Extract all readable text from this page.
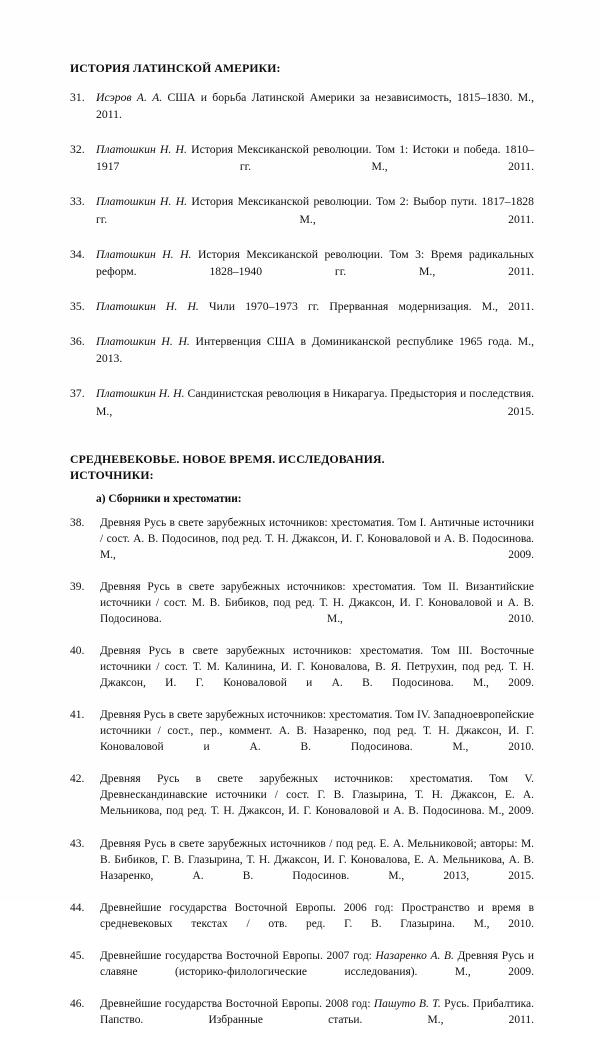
ИСТОРИЯ ЛАТИНСКОЙ АМЕРИКИ:
31. Исэров А. А. США и борьба Латинской Америки за независимость, 1815–1830. М., 2011.
32. Платошкин Н. Н. История Мексиканской революции. Том 1: Истоки и победа. 1810–1917 гг. М., 2011.
33. Платошкин Н. Н. История Мексиканской революции. Том 2: Выбор пути. 1817–1828 гг. М., 2011.
34. Платошкин Н. Н. История Мексиканской революции. Том 3: Время радикальных реформ. 1828–1940 гг. М., 2011.
35. Платошкин Н. Н. Чили 1970–1973 гг. Прерванная модернизация. М., 2011.
36. Платошкин Н. Н. Интервенция США в Доминиканской республике 1965 года. М., 2013.
37. Платошкин Н. Н. Сандинистская революция в Никарагуа. Предыстория и последствия. М., 2015.
СРЕДНЕВЕКОВЬЕ. НОВОЕ ВРЕМЯ. ИССЛЕДОВАНИЯ.
ИСТОЧНИКИ:
а) Сборники и хрестоматии:
38.	Древняя Русь в свете зарубежных источников: хрестоматия. Том I. Античные источники / сост. А. В. Подосинов, под ред. Т. Н. Джаксон, И. Г. Коноваловой и А. В. Подосинова. М., 2009.
39.	Древняя Русь в свете зарубежных источников: хрестоматия. Том II. Византийские источники / сост. М. В. Бибиков, под ред. Т. Н. Джаксон, И. Г. Коноваловой и А. В. Подосинова. М., 2010.
40.	Древняя Русь в свете зарубежных источников: хрестоматия. Том III. Восточные источники / сост. Т. М. Калинина, И. Г. Коновалова, В. Я. Петрухин, под ред. Т. Н. Джаксон, И. Г. Коноваловой и А. В. Подосинова. М., 2009.
41.	Древняя Русь в свете зарубежных источников: хрестоматия. Том IV. Западноевропейские источники / сост., пер., коммент. А. В. Назаренко, под ред. Т. Н. Джаксон, И. Г. Коноваловой и А. В. Подосинова. М., 2010.
42.	Древняя Русь в свете зарубежных источников: хрестоматия. Том V. Древнескандинавские источники / сост. Г. В. Глазырина, Т. Н. Джаксон, Е. А. Мельникова, под ред. Т. Н. Джаксон, И. Г. Коноваловой и А. В. Подосинова. М., 2009.
43.	Древняя Русь в свете зарубежных источников / под ред. Е. А. Мельниковой; авторы: М. В. Бибиков, Г. В. Глазырина, Т. Н. Джаксон, И. Г. Коновалова, Е. А. Мельникова, А. В. Назаренко, А. В. Подосинов. М., 2013, 2015.
44.	Древнейшие государства Восточной Европы. 2006 год: Пространство и время в средневековых текстах / отв. ред. Г. В. Глазырина. М., 2010.
45.	Древнейшие государства Восточной Европы. 2007 год: Назаренко А. В. Древняя Русь и славяне (историко-филологические исследования). М., 2009.
46.	Древнейшие государства Восточной Европы. 2008 год: Пашуто В. Т. Русь. Прибалтика. Папство. Избранные статьи. М., 2011.
